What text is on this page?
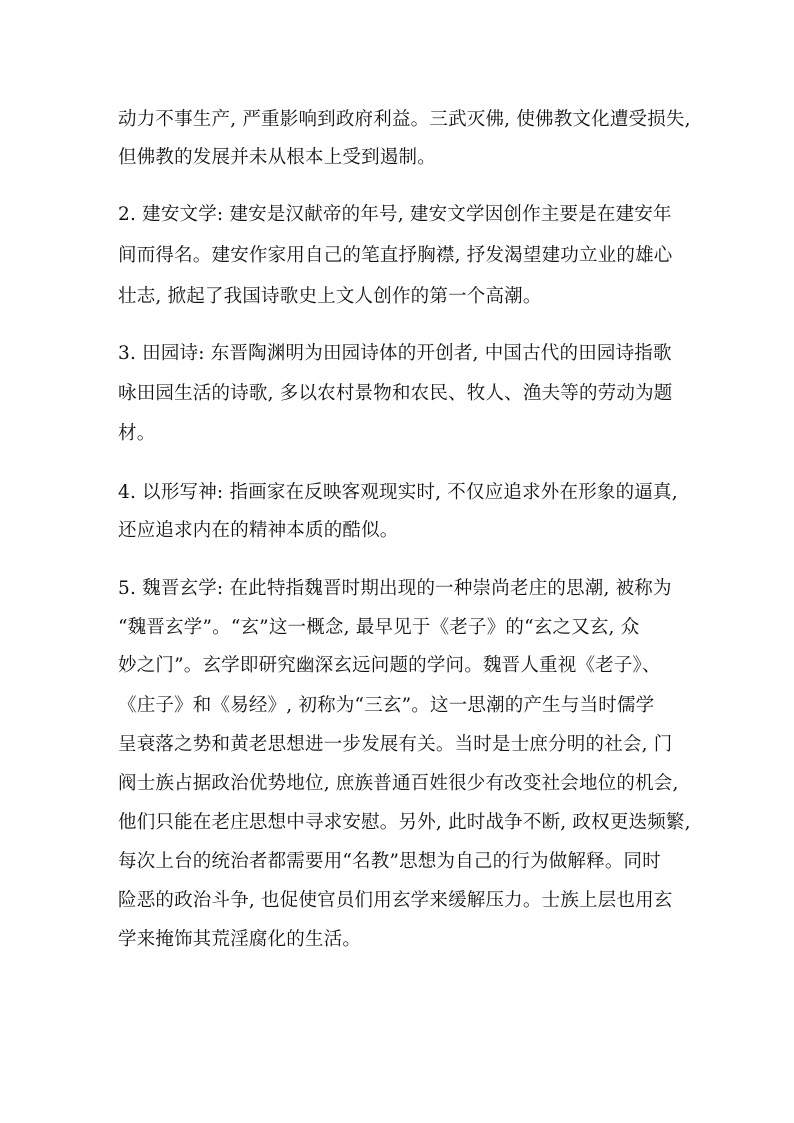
动力不事生产, 严重影响到政府利益。三武灭佛, 使佛教文化遭受损失,
但佛教的发展并未从根本上受到遏制。
2. 建安文学: 建安是汉献帝的年号, 建安文学因创作主要是在建安年
间而得名。建安作家用自己的笔直抒胸襟, 抒发渴望建功立业的雄心
壮志, 掀起了我国诗歌史上文人创作的第一个高潮。
3. 田园诗: 东晋陶渊明为田园诗体的开创者, 中国古代的田园诗指歌
咏田园生活的诗歌, 多以农村景物和农民、牧人、渔夫等的劳动为题
材。
4. 以形写神: 指画家在反映客观现实时, 不仅应追求外在形象的逼真,
还应追求内在的精神本质的酷似。
5. 魏晋玄学: 在此特指魏晋时期出现的一种崇尚老庄的思潮, 被称为
“魏晋玄学”。“玄”这一概念, 最早见于《老子》的“玄之又玄, 众
妙之门”。玄学即研究幽深玄远问题的学问。魏晋人重视《老子》、
《庄子》和《易经》, 初称为“三玄”。这一思潮的产生与当时儒学
呈衰落之势和黄老思想进一步发展有关。当时是士庶分明的社会, 门
阀士族占据政治优势地位, 庶族普通百姓很少有改变社会地位的机会,
他们只能在老庄思想中寻求安慰。另外, 此时战争不断, 政权更迭频繁,
每次上台的统治者都需要用“名教”思想为自己的行为做解释。同时
险恶的政治斗争, 也促使官员们用玄学来缓解压力。士族上层也用玄
学来掩饰其荒淫腐化的生活。
